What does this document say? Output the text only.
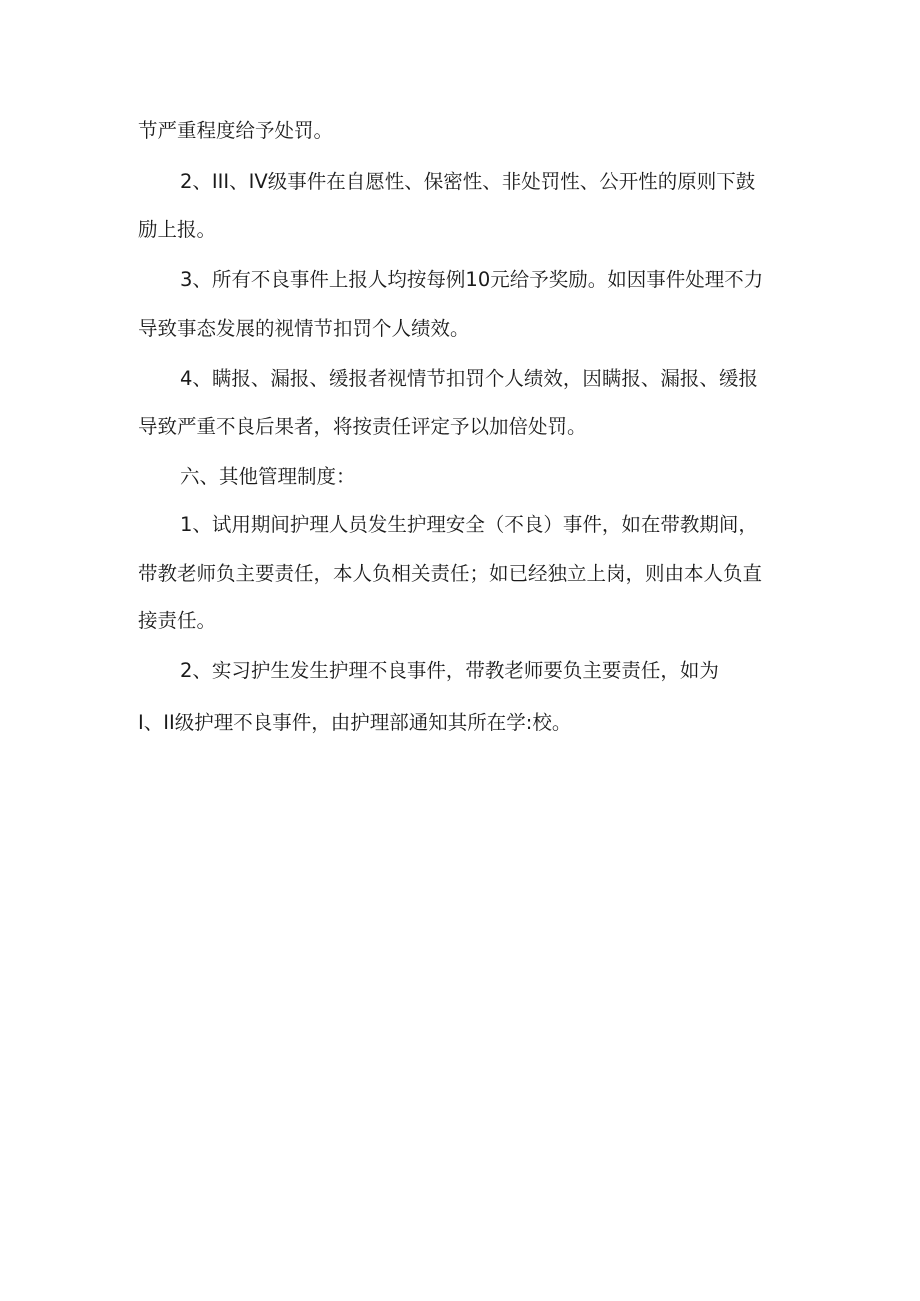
节严重程度给予处罚。
2、III、IV级事件在自愿性、保密性、非处罚性、公开性的原则下鼓
励上报。
3、所有不良事件上报人均按每例10元给予奖励。如因事件处理不力
导致事态发展的视情节扣罚个人绩效。
4、瞒报、漏报、缓报者视情节扣罚个人绩效，因瞒报、漏报、缓报
导致严重不良后果者，将按责任评定予以加倍处罚。
六、其他管理制度：
1、试用期间护理人员发生护理安全（不良）事件，如在带教期间，
带教老师负主要责任，本人负相关责任；如已经独立上岗，则由本人负直
接责任。
2、实习护生发生护理不良事件，带教老师要负主要责任，如为
I、II级护理不良事件，由护理部通知其所在学:校。
